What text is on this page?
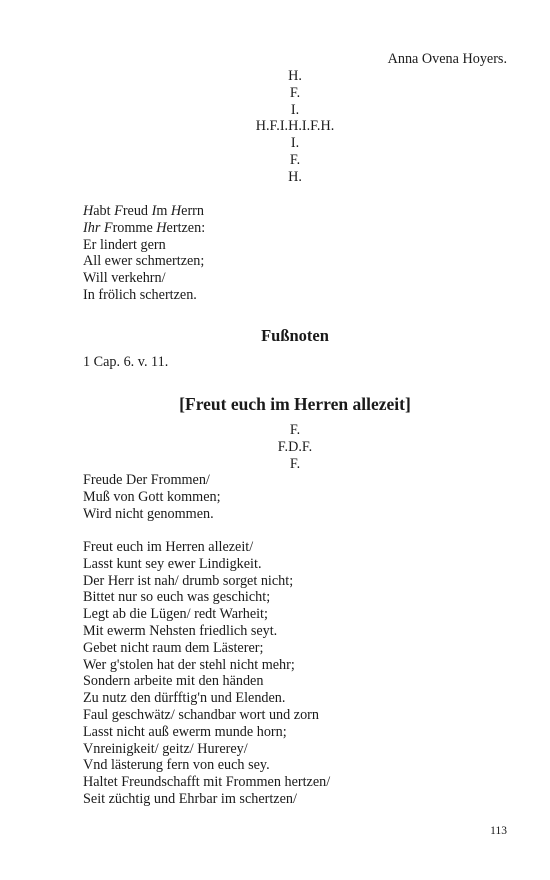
Anna Ovena Hoyers.

H.

F.

I.

H.F.I.H.I.F.H.

I.

F.

H.

Habt Freud Im Herrn

Ihr Fromme Hertzen:

Er lindert gern

All ewer schmertzen;

Will verkehrn/

In frölich schertzen.

Fußnoten

1 Cap. 6. v. 11.

[Freut euch im Herren allezeit]

F.

F.D.F.

F.

Freude Der Frommen/

Muß von Gott kommen;

Wird nicht genommen.

Freut euch im Herren allezeit/

Lasst kunt sey ewer Lindigkeit.

Der Herr ist nah/ drumb sorget nicht;

Bittet nur so euch was geschicht;

Legt ab die Lügen/ redt Warheit;

Mit ewerm Nehsten friedlich seyt.

Gebet nicht raum dem Lästerer;

Wer g'stolen hat der stehl nicht mehr;

Sondern arbeite mit den händen

Zu nutz den dürfftig'n und Elenden.

Faul geschwätz/ schandbar wort und zorn

Lasst nicht auß ewerm munde horn;

Vnreinigkeit/ geitz/ Hurerey/

Vnd lästerung fern von euch sey.

Haltet Freundschafft mit Frommen hertzen/

Seit züchtig und Ehrbar im schertzen/

113
